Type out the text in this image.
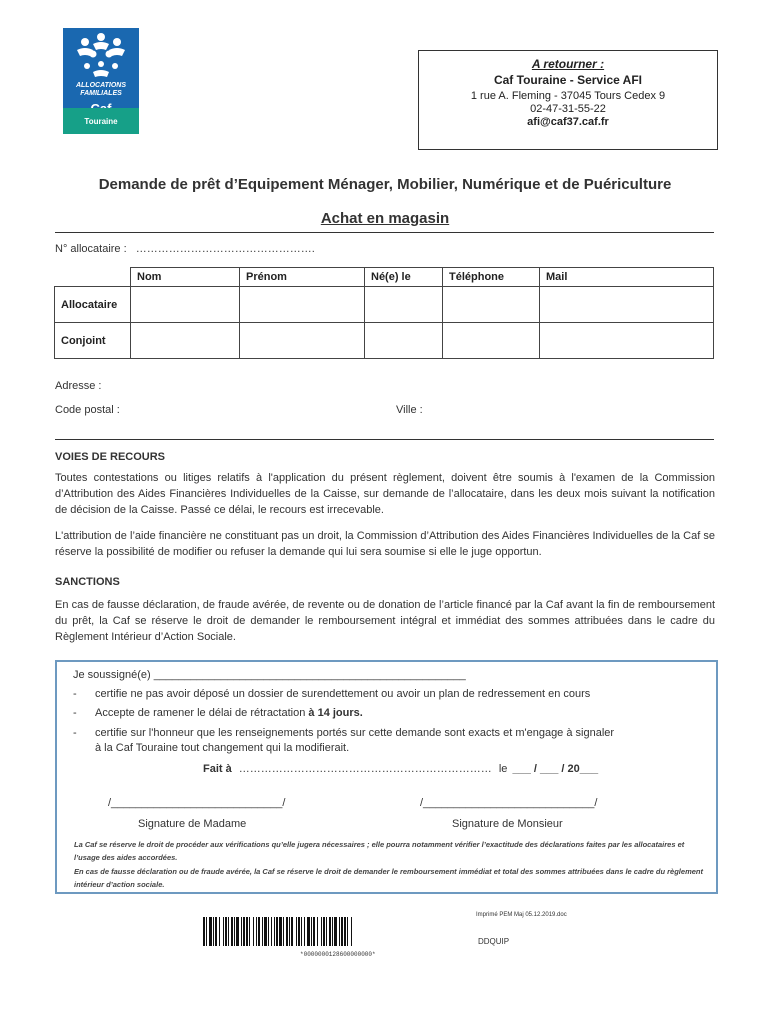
ALLOCATIONS
FAMILIALES
Touraine
A retourner :
Caf Touraine - Service AFI
1 rue A. Fleming - 37045 Tours Cedex 9
02-47-31-55-22
afi@caf37.caf.fr
Demande de prêt d’Equipement Ménager, Mobilier, Numérique et de Puériculture
Achat en magasin
N° allocataire : ………………………………………….
	Nom	Prénom	Né(e) le	Téléphone	Mail
Allocataire					
Conjoint					
Adresse :
Code postal :	Ville :
VOIES DE RECOURS
Toutes contestations ou litiges relatifs à l'application du présent règlement, doivent être soumis à l'examen de la Commission d’Attribution des Aides Financières Individuelles de la Caisse, sur demande de l’allocataire, dans les deux mois suivant la notification de décision de la Caisse. Passé ce délai, le recours est irrecevable.
L'attribution de l’aide financière ne constituant pas un droit, la Commission d’Attribution des Aides Financières Individuelles de la Caf se réserve la possibilité de modifier ou refuser la demande qui lui sera soumise si elle le juge opportun.
SANCTIONS
En cas de fausse déclaration, de fraude avérée, de revente ou de donation de l’article financé par la Caf avant la fin de remboursement du prêt, la Caf se réserve le droit de demander le remboursement intégral et immédiat des sommes attribuées dans le cadre du Règlement Intérieur d’Action Sociale.
Je soussigné(e) ___________________________________________________
- certifie ne pas avoir déposé un dossier de surendettement ou avoir un plan de redressement en cours
- Accepte de ramener le délai de rétractation à 14 jours.
- certifie sur l'honneur que les renseignements portés sur cette demande sont exacts et m'engage à signaler
à la Caf Touraine tout changement qui la modifierait.
Fait à …………………………………………………………… le ___ / ___ / 20___
/____________________________/	/____________________________/
Signature de Madame	Signature de Monsieur
La Caf se réserve le droit de procéder aux vérifications qu’elle jugera nécessaires ; elle pourra notamment vérifier l’exactitude des déclarations faites par les allocataires et l’usage des aides accordées.
En cas de fausse déclaration ou de fraude avérée, la Caf se réserve le droit de demander le remboursement immédiat et total des sommes attribuées dans le cadre du règlement intérieur d’action sociale.
Imprimé PEM Maj 05.12.2019.doc
*0000000128600000000*
DDQUIP
